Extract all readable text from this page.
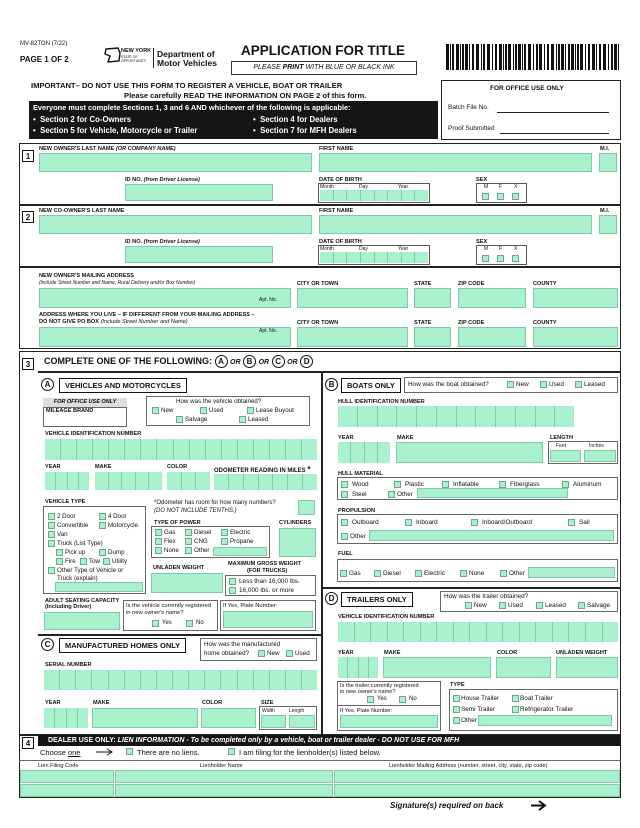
MV-82TON (7/22)
PAGE 1 OF 2
NEW YORK
STATE OF OPPORTUNITY.
Department of
Motor Vehicles
APPLICATION FOR TITLE
PLEASE PRINT WITH BLUE OR BLACK INK
IMPORTANT– DO NOT USE THIS FORM TO REGISTER A VEHICLE, BOAT OR TRAILER
Please carefully READ THE INFORMATION ON PAGE 2 of this form.
Everyone must complete Sections 1, 3 and 6 AND whichever of the following is applicable:
•  Section 2 for Co-Owners
•  Section 5 for Vehicle, Motorcycle or Trailer
•  Section 4 for Dealers
•  Section 7 for MFH Dealers
FOR OFFICE USE ONLY
Batch File No.
Proof Submitted
1
NEW OWNER'S LAST NAME (OR COMPANY NAME)	FIRST NAME	M.I.
ID NO. (from Driver License)	DATE OF BIRTH
Month	Day	Year
SEX
M F X
2
NEW CO-OWNER'S LAST NAME	FIRST NAME	M.I.
ID NO. (from Driver License)	DATE OF BIRTH
Month	Day	Year
SEX
M F X
NEW OWNER'S MAILING ADDRESS
(include Street Number and Name, Rural Delivery and/or Box Number)
Apt. No.
CITY OR TOWN	STATE	ZIP CODE	COUNTY
ADDRESS WHERE YOU LIVE – IF DIFFERENT FROM YOUR MAILING ADDRESS –
DO NOT GIVE PO BOX (Include Street Number and Name)
Apt. No.
CITY OR TOWN	STATE	ZIP CODE	COUNTY
3	COMPLETE ONE OF THE FOLLOWING: A OR B OR C OR D
A	VEHICLES AND MOTORCYCLES
FOR OFFICE USE ONLY
MILEAGE BRAND
How was the vehicle obtained?
New	Used	Lease Buyout
Salvage	Leased
VEHICLE IDENTIFICATION NUMBER
YEAR	MAKE	COLOR
ODOMETER READING IN MILES *
VEHICLE TYPE	*Odometer has room for how many numbers?
(DO NOT INCLUDE TENTHS.)
2 Door	4 Door
Convertible	Motorcycle
Van
Truck (List Type)
Pick up	Dump
Fire Tow Utility
Other Type of Vehicle or
Truck (explain)
TYPE OF POWER
Gas	Diesel	Electric
Flex	CNG	Propane
None Other
CYLINDERS
UNLADEN WEIGHT
MAXIMUM GROSS WEIGHT
(FOR TRUCKS)
Less than 16,000 lbs.
16,000 lbs. or more
ADULT SEATING CAPACITY
(Including Driver)	Is the vehicle currently registered
in new owner's name?
Yes	No
If Yes, Plate Number:
C	MANUFACTURED HOMES ONLY	How was the manufactured
home obtained?	New Used
SERIAL NUMBER
YEAR	MAKE	COLOR	SIZE
Width	Length
B	BOATS ONLY	How was the boat obtained?	New	Used	Leased
HULL IDENTIFICATION NUMBER
YEAR	MAKE	LENGTH
Feet	Inches
HULL MATERIAL
Wood	Plastic	Inflatable	Fiberglass	Aluminum
Steel	Other
PROPULSION
Outboard	Inboard	Inboard/Outboard	Sail
Other
FUEL
Gas	Diesel	Electric	None	Other
D	TRAILERS ONLY	How was the trailer obtained?
New	Used	Leased	Salvage
VEHICLE IDENTIFICATION NUMBER
YEAR	MAKE	COLOR	UNLADEN WEIGHT
Is the trailer currently registered
in new owner's name?
Yes	No
If Yes, Plate Number:
TYPE
House Trailer	Boat Trailer
Semi Trailer	Refrigerator Trailer
Other
4	DEALER USE ONLY: LIEN INFORMATION - To be completed only by a vehicle, boat or trailer dealer - DO NOT USE FOR MFH
Choose one	There are no liens.	I am filing for the lienholder(s) listed below.
Lien Filing Code	Lienholder Name	Lienholder Mailing Address (number, street, city, state, zip code)
Signature(s) required on back
